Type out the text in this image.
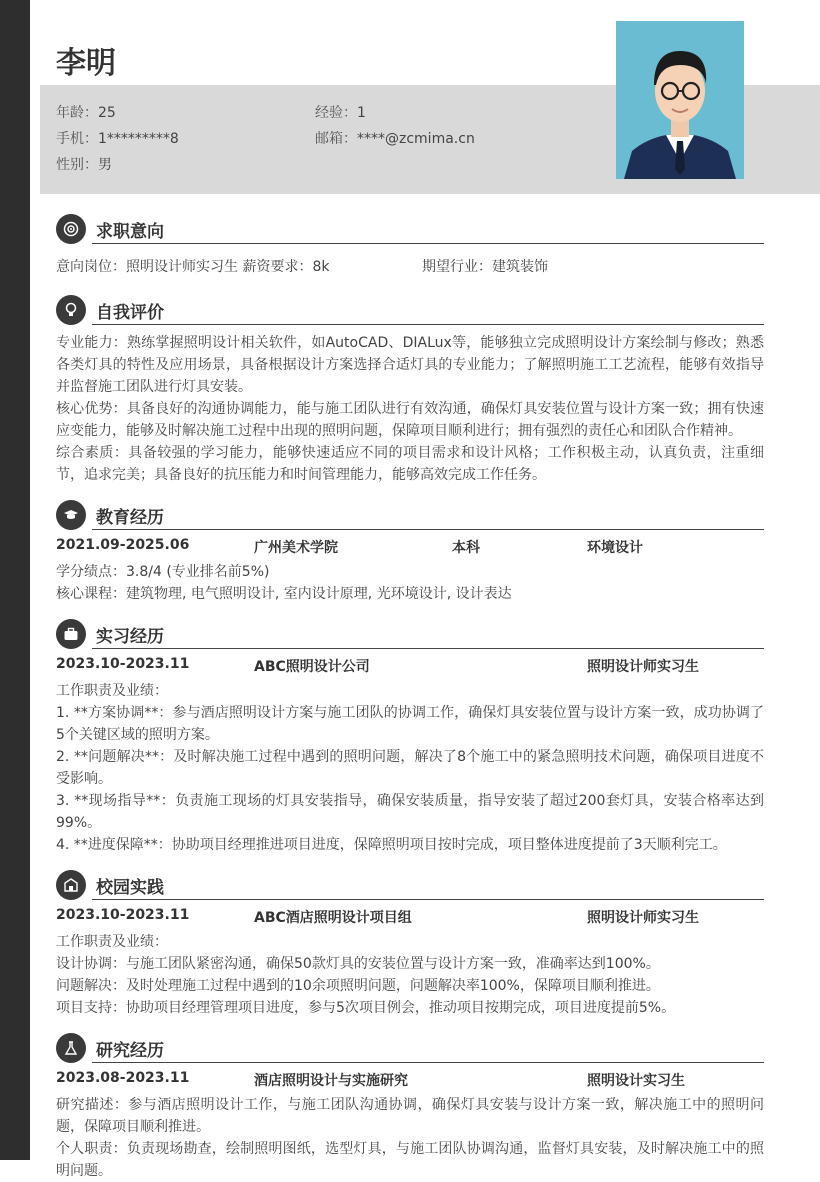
李明
年龄：25	经验：1
手机：1*********8	邮箱：****@zcmima.cn
性别：男
求职意向
意向岗位：照明设计师实习生 薪资要求：8k	期望行业：建筑装饰
自我评价

专业能力：熟练掌握照明设计相关软件，如AutoCAD、DIALux等，能够独立完成照明设计方案绘制与修改；熟悉各类灯具的特性及应用场景，具备根据设计方案选择合适灯具的专业能力；了解照明施工工艺流程，能够有效指导并监督施工团队进行灯具安装。

核心优势：具备良好的沟通协调能力，能与施工团队进行有效沟通，确保灯具安装位置与设计方案一致；拥有快速应变能力，能够及时解决施工过程中出现的照明问题，保障项目顺利进行；拥有强烈的责任心和团队合作精神。

综合素质：具备较强的学习能力，能够快速适应不同的项目需求和设计风格；工作积极主动，认真负责，注重细节，追求完美；具备良好的抗压能力和时间管理能力，能够高效完成工作任务。

教育经历
2021.09-2025.06	广州美术学院	本科	环境设计
学分绩点：3.8/4 (专业排名前5%)
核心课程：建筑物理, 电气照明设计, 室内设计原理, 光环境设计, 设计表达
实习经历
2023.10-2023.11	ABC照明设计公司	照明设计师实习生
工作职责及业绩：

1. **方案协调**：参与酒店照明设计方案与施工团队的协调工作，确保灯具安装位置与设计方案一致，成功协调了5个关键区域的照明方案。

2. **问题解决**：及时解决施工过程中遇到的照明问题，解决了8个施工中的紧急照明技术问题，确保项目进度不受影响。

3. **现场指导**：负责施工现场的灯具安装指导，确保安装质量，指导安装了超过200套灯具，安装合格率达到99%。

4. **进度保障**：协助项目经理推进项目进度，保障照明项目按时完成，项目整体进度提前了3天顺利完工。

校园实践
2023.10-2023.11	ABC酒店照明设计项目组	照明设计师实习生
工作职责及业绩：
设计协调：与施工团队紧密沟通，确保50款灯具的安装位置与设计方案一致，准确率达到100%。
问题解决：及时处理施工过程中遇到的10余项照明问题，问题解决率100%，保障项目顺利推进。
项目支持：协助项目经理管理项目进度，参与5次项目例会，推动项目按期完成，项目进度提前5%。
研究经历
2023.08-2023.11	酒店照明设计与实施研究	照明设计实习生

研究描述：参与酒店照明设计工作，与施工团队沟通协调，确保灯具安装与设计方案一致，解决施工中的照明问题，保障项目顺利推进。

个人职责：负责现场勘查，绘制照明图纸，选型灯具，与施工团队协调沟通，监督灯具安装，及时解决施工中的照明问题。
